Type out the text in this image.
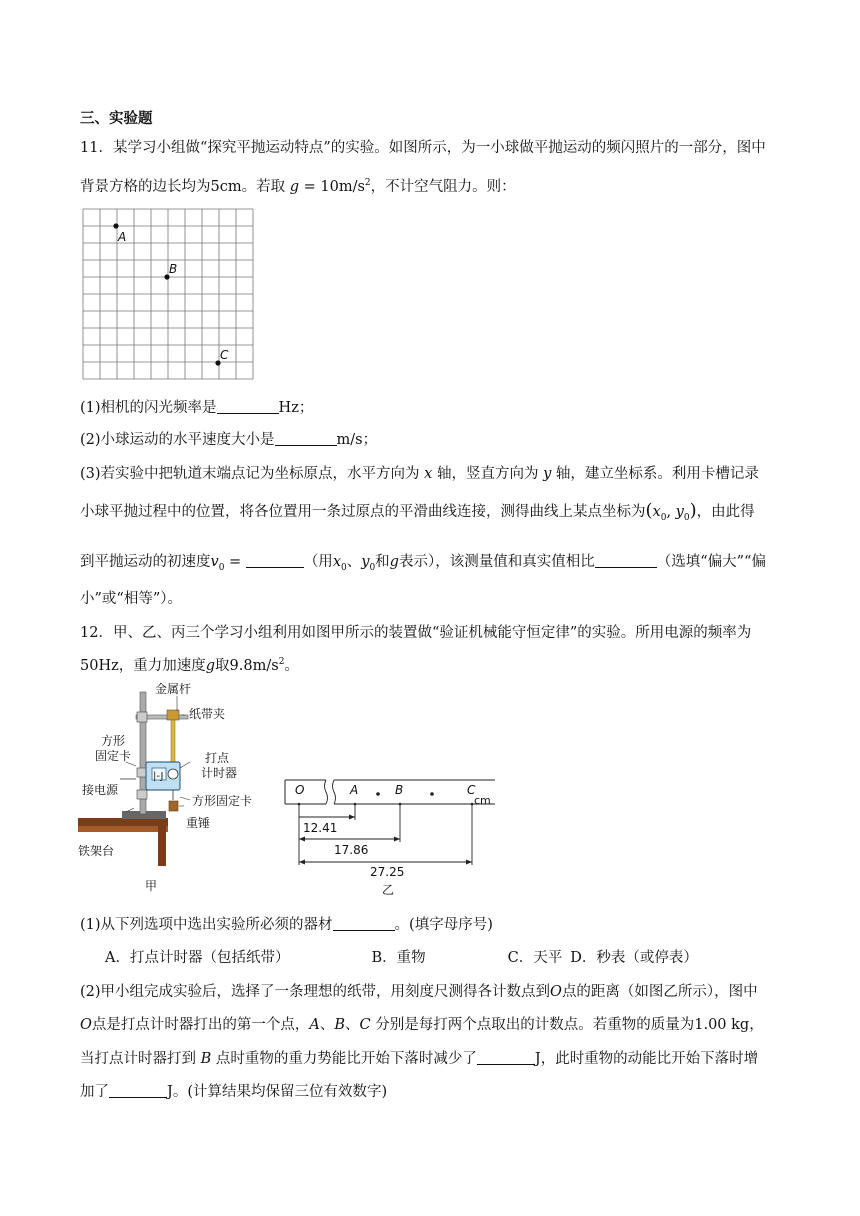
三、实验题
11．某学习小组做“探究平抛运动特点”的实验。如图所示，为一小球做平抛运动的频闪照片的一部分，图中
背景方格的边长均为5cm。若取 $g = 10m/s^2$，不计空气阻力。则：
A
B
C
(1)相机的闪光频率是	Hz；
(2)小球运动的水平速度大小是	m/s；
(3)若实验中把轨道末端点记为坐标原点，水平方向为 x 轴，竖直方向为 y 轴，建立坐标系。利用卡槽记录
小球平抛过程中的位置，将各位置用一条过原点的平滑曲线连接，测得曲线上某点坐标为($x_0$, $y_0$)，由此得
到平抛运动的初速度$v_0$ =	（用$x_0$、$y_0$和g表示），该测量值和真实值相比	（选填“偏大”“偏
小”或“相等”）。
12．甲、乙、丙三个学习小组利用如图甲所示的装置做“验证机械能守恒定律”的实验。所用电源的频率为
50Hz，重力加速度g取$9.8m/s^2$。
|-J
金属杆
纸带夹
方形
固定卡	打点
计时器
接电源
方形固定卡
重锤
铁架台
甲
O	A	B	C
cm
12.41
17.86
27.25
乙
(1)从下列选项中选出实验所必须的器材	。(填字母序号)
A．打点计时器（包括纸带）	B．重物	C．天平 D．秒表（或停表）
(2)甲小组完成实验后，选择了一条理想的纸带，用刻度尺测得各计数点到O点的距离（如图乙所示），图中
O点是打点计时器打出的第一个点，A、B、C 分别是每打两个点取出的计数点。若重物的质量为1.00 kg，
当打点计时器打到 B 点时重物的重力势能比开始下落时减少了	J，此时重物的动能比开始下落时增
加了	J。(计算结果均保留三位有效数字)
